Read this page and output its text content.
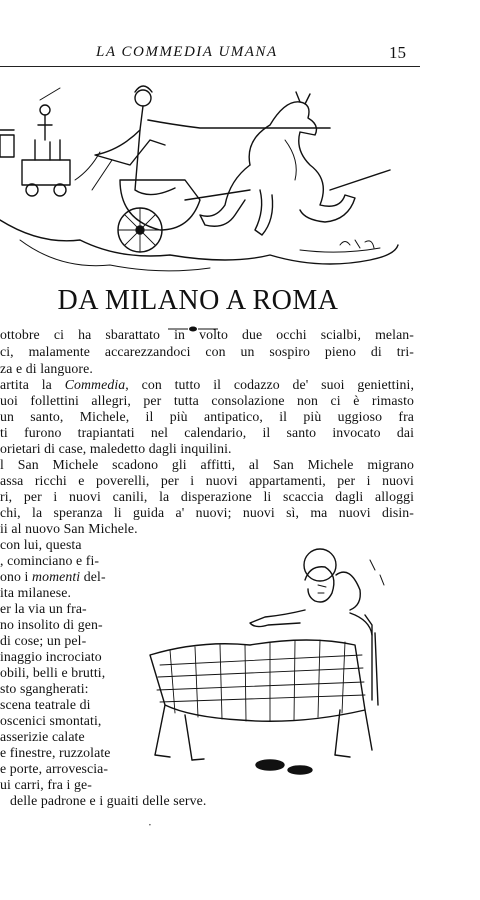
LA COMMEDIA UMANA	15
DA MILANO A ROMA
ottobre ci ha sbarattato in volto due occhi scialbi, melan-
ci, malamente accarezzandoci con un sospiro pieno di tri-
za e di languore.
artita la Commedia, con tutto il codazzo de' suoi geniettini,
uoi follettini allegri, per tutta consolazione non ci è rimasto
un santo, Michele, il più antipatico, il più uggioso fra
ti furono trapiantati nel calendario, il santo invocato dai
orietari di case, maledetto dagli inquilini.
l San Michele scadono gli affitti, al San Michele migrano
assa ricchi e poverelli, per i nuovi appartamenti, per i nuovi
ri, per i nuovi canili, la disperazione li scaccia dagli alloggi
chi, la speranza li guida a' nuovi; nuovi sì, ma nuovi disin-
ii al nuovo San Michele.
con lui, questa
, cominciano e fi-
ono i momenti del-
ita milanese.
er la via un fra-
no insolito di gen-
di cose; un pel-
inaggio incrociato
obili, belli e brutti,
sto sgangherati:
scena teatrale di
oscenici smontati,
asserizie calate
e finestre, ruzzolate
e porte, arrovescia-
ui carri, fra i ge-
delle padrone e i guaiti delle serve.
·
